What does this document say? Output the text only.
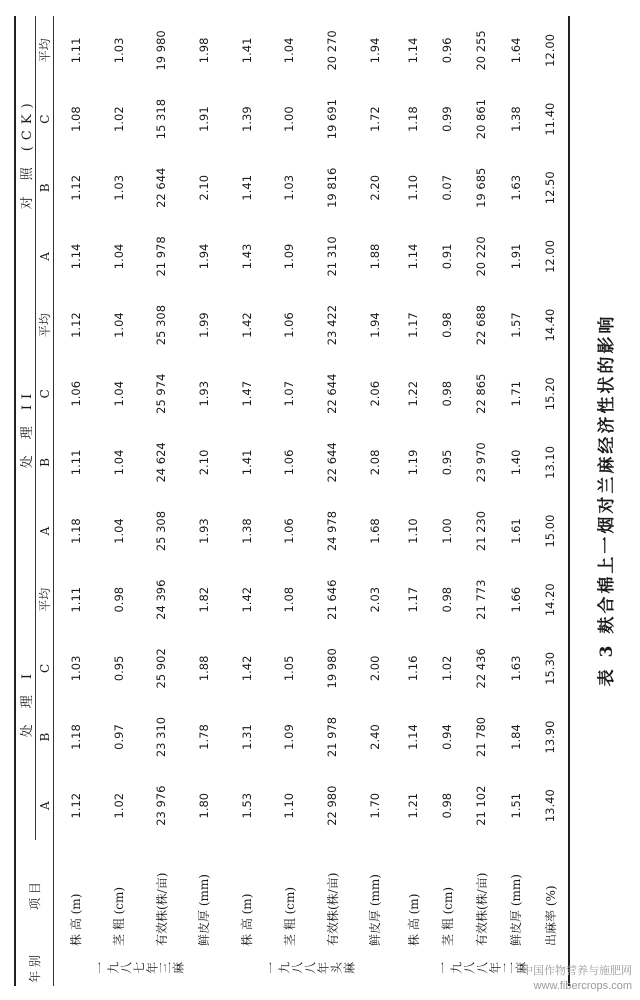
年 别	项 目	处 理 I				处 理 II				对 照 (CK)			
		A	B	C	平均	A	B	C	平均	A	B	C	平均
一九八七年三麻	株 高 (m)	1.12	1.18	1.03	1.11	1.18	1.11	1.06	1.12	1.14	1.12	1.08	1.11
	茎 粗 (cm)	1.02	0.97	0.95	0.98	1.04	1.04	1.04	1.04	1.04	1.03	1.02	1.03
	有效株(株/亩)	23 976	23 310	25 902	24 396	25 308	24 624	25 974	25 308	21 978	22 644	15 318	19 980
	鲜皮厚 (mm)	1.80	1.78	1.88	1.82	1.93	2.10	1.93	1.99	1.94	2.10	1.91	1.98
一九八八年头麻	株 高 (m)	1.53	1.31	1.42	1.42	1.38	1.41	1.47	1.42	1.43	1.41	1.39	1.41
	茎 粗 (cm)	1.10	1.09	1.05	1.08	1.06	1.06	1.07	1.06	1.09	1.03	1.00	1.04
	有效株(株/亩)	22 980	21 978	19 980	21 646	24 978	22 644	22 644	23 422	21 310	19 816	19 691	20 270
	鲜皮厚 (mm)	1.70	2.40	2.00	2.03	1.68	2.08	2.06	1.94	1.88	2.20	1.72	1.94
一九八八年二麻	株 高 (m)	1.21	1.14	1.16	1.17	1.10	1.19	1.22	1.17	1.14	1.10	1.18	1.14
	茎 粗 (cm)	0.98	0.94	1.02	0.98	1.00	0.95	0.98	0.98	0.91	0.07	0.99	0.96
	有效株(株/亩)	21 102	21 780	22 436	21 773	21 230	23 970	22 865	22 688	20 220	19 685	20 861	20 255
	鲜皮厚 (mm)	1.51	1.84	1.63	1.66	1.61	1.40	1.71	1.57	1.91	1.63	1.38	1.64
	出麻率 (%)	13.40	13.90	15.30	14.20	15.00	13.10	15.20	14.40	12.00	12.50	11.40	12.00
表 3 麸合棉上一烟对兰麻经济性状的影响
中国作物营养与施肥网
www.fibercrops.com
